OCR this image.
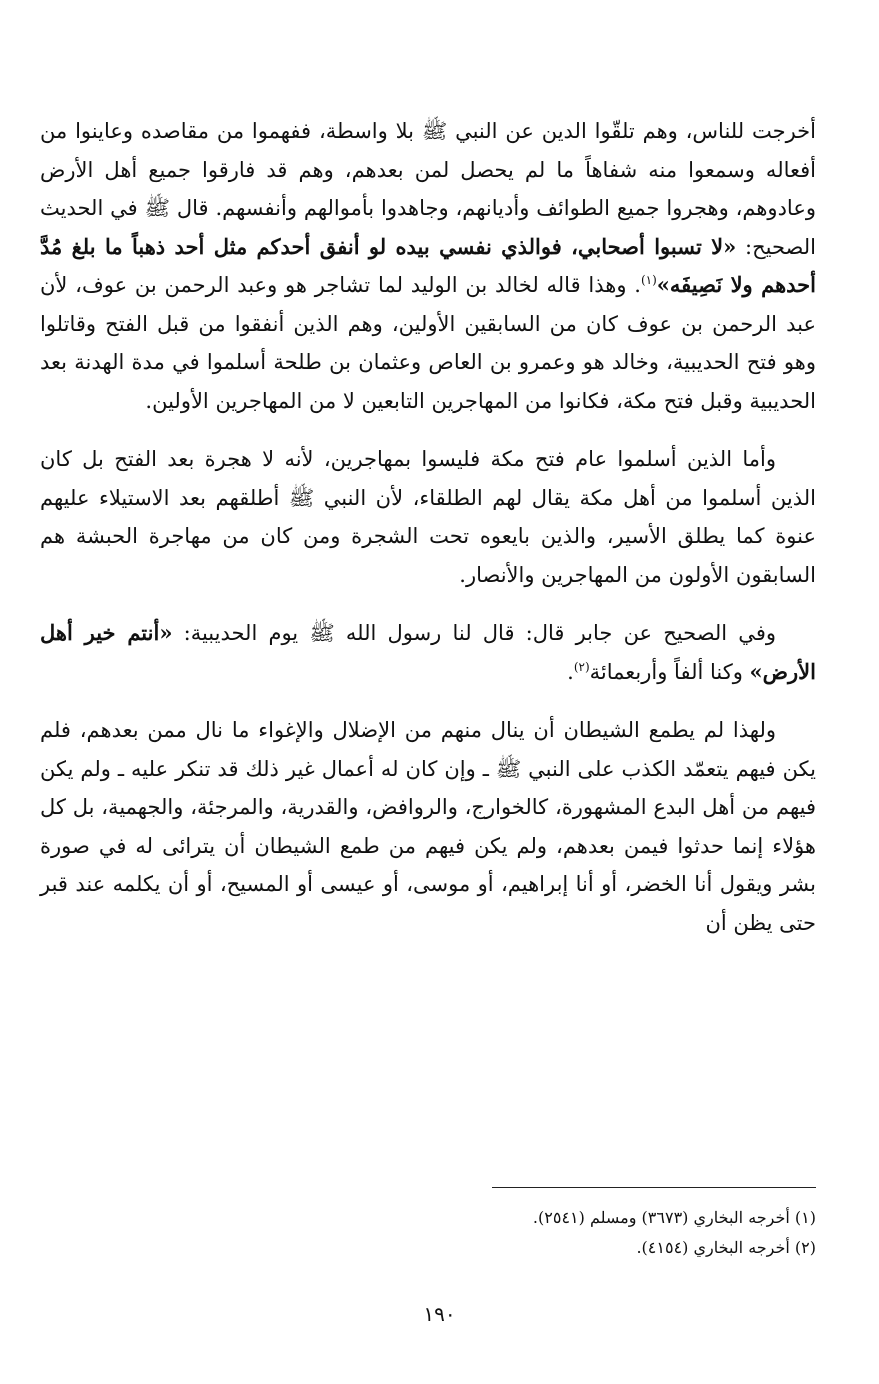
أخرجت للناس، وهم تلقّوا الدين عن النبي ﷺ بلا واسطة، ففهموا من مقاصده وعاينوا من أفعاله وسمعوا منه شفاهاً ما لم يحصل لمن بعدهم، وهم قد فارقوا جميع أهل الأرض وعادوهم، وهجروا جميع الطوائف وأديانهم، وجاهدوا بأموالهم وأنفسهم. قال ﷺ في الحديث الصحيح: «لا تسبوا أصحابي، فوالذي نفسي بيده لو أنفق أحدكم مثل أحد ذهباً ما بلغ مُدَّ أحدهم ولا نَصِيفَه»$^{(١)}$. وهذا قاله لخالد بن الوليد لما تشاجر هو وعبد الرحمن بن عوف، لأن عبد الرحمن بن عوف كان من السابقين الأولين، وهم الذين أنفقوا من قبل الفتح وقاتلوا وهو فتح الحديبية، وخالد هو وعمرو بن العاص وعثمان بن طلحة أسلموا في مدة الهدنة بعد الحديبية وقبل فتح مكة، فكانوا من المهاجرين التابعين لا من المهاجرين الأولين.

وأما الذين أسلموا عام فتح مكة فليسوا بمهاجرين، لأنه لا هجرة بعد الفتح بل كان الذين أسلموا من أهل مكة يقال لهم الطلقاء، لأن النبي ﷺ أطلقهم بعد الاستيلاء عليهم عنوة كما يطلق الأسير، والذين بايعوه تحت الشجرة ومن كان من مهاجرة الحبشة هم السابقون الأولون من المهاجرين والأنصار.

وفي الصحيح عن جابر قال: قال لنا رسول الله ﷺ يوم الحديبية: «أنتم خير أهل الأرض» وكنا ألفاً وأربعمائة$^{(٢)}$.

ولهذا لم يطمع الشيطان أن ينال منهم من الإضلال والإغواء ما نال ممن بعدهم، فلم يكن فيهم يتعمّد الكذب على النبي ﷺ ـ وإن كان له أعمال غير ذلك قد تنكر عليه ـ ولم يكن فيهم من أهل البدع المشهورة، كالخوارج، والروافض، والقدرية، والمرجئة، والجهمية، بل كل هؤلاء إنما حدثوا فيمن بعدهم، ولم يكن فيهم من طمع الشيطان أن يترائى له في صورة بشر ويقول أنا الخضر، أو أنا إبراهيم، أو موسى، أو عيسى أو المسيح، أو أن يكلمه عند قبر حتى يظن أن

(١) أخرجه البخاري (٣٦٧٣) ومسلم (٢٥٤١).

(٢) أخرجه البخاري (٤١٥٤).

١٩٠
